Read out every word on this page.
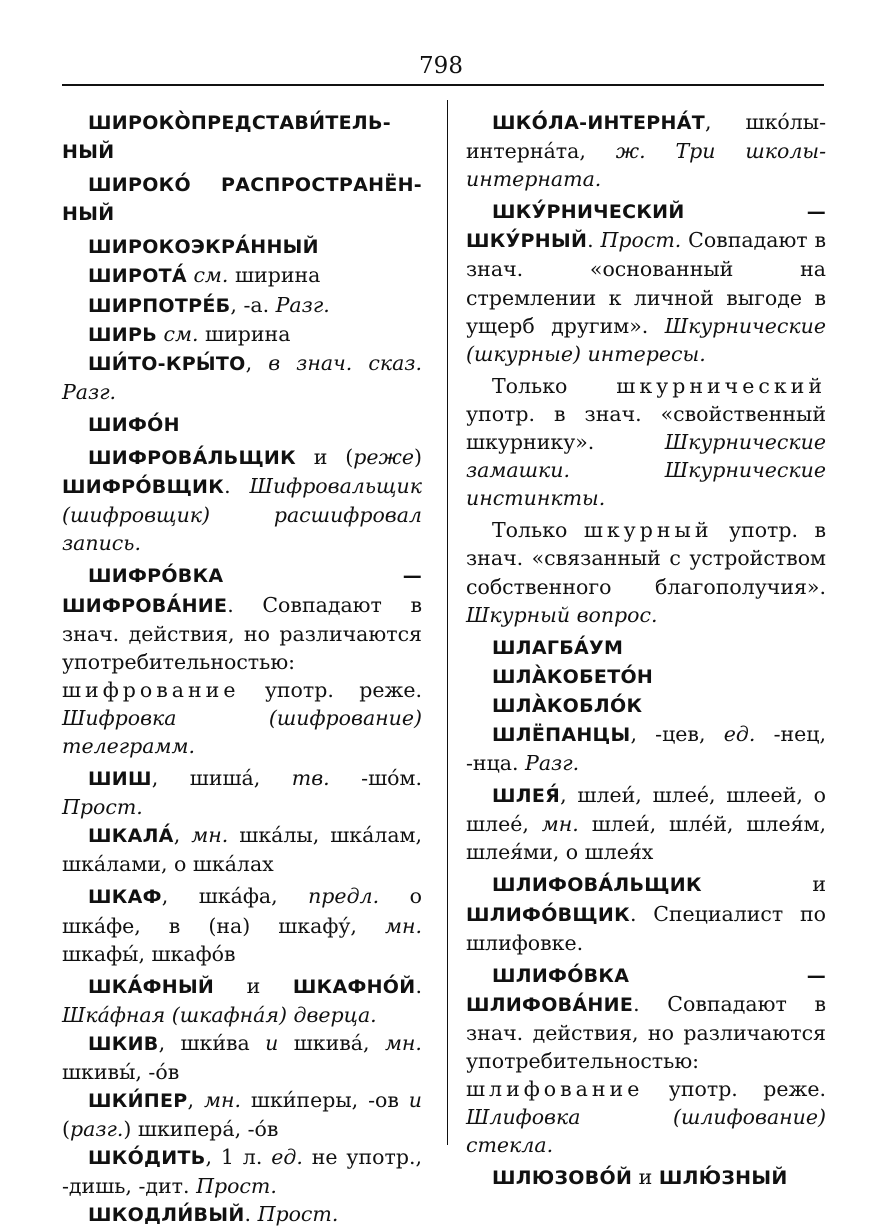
798

ШИРОКО̀ПРЕДСТАВИ́ТЕЛЬ-НЫЙ

ШИРОКО́ РАСПРОСТРАНЁН-НЫЙ

ШИРОКОЭКРА́ННЫЙ

ШИРОТА́ см. ширина

ШИРПОТРЕ́Б, -а. Разг.

ШИРЬ см. ширина

ШИ́ТО-КРЫ́ТО, в знач. сказ. Разг.

ШИФО́Н

ШИФРОВА́ЛЬЩИК и (реже) ШИФРО́ВЩИК. Шифровальщик (шифровщик) расшифровал запись.

ШИФРО́ВКА — ШИФРОВА́НИЕ. Совпадают в знач. действия, но различаются употребительностью: шифрование употр. реже. Шифровка (шифрование) телеграмм.

ШИШ, шиша́, тв. -шо́м. Прост.

ШКАЛА́, мн. шка́лы, шка́лам, шка́лами, о шка́лах

ШКАФ, шка́фа, предл. о шка́фе, в (на) шкафу́, мн. шкафы́, шкафо́в

ШКА́ФНЫЙ и ШКАФНО́Й. Шка́фная (шкафна́я) дверца.

ШКИВ, шки́ва и шкива́, мн. шкивы́, -о́в

ШКИ́ПЕР, мн. шки́перы, -ов и (разг.) шкипера́, -о́в

ШКО́ДИТЬ, 1 л. ед. не употр., -дишь, -дит. Прост.

ШКОДЛИ́ВЫЙ. Прост.

ШКО́ЛА-ИНТЕРНА́Т, шко́лы-интерна́та, ж. Три школы-интерната.

ШКУ́РНИЧЕСКИЙ — ШКУ́РНЫЙ. Прост. Совпадают в знач. «основанный на стремлении к личной выгоде в ущерб другим». Шкурнические (шкурные) интересы.

Только шкурнический употр. в знач. «свойственный шкурнику».	Шкурнические замашки. Шкурнические инстинкты.

Только шкурный употр. в знач. «связанный с устройством собственного благополучия». Шкурный вопрос.

ШЛАГБА́УМ

ШЛА̀КОБЕТО́Н

ШЛА̀КОБЛО́К

ШЛЁПАНЦЫ, -цев, ед. -нец, -нца. Разг.

ШЛЕЯ́, шлеи́, шлее́, шлеей, о шлее́, мн. шлеи́, шле́й, шлея́м, шлея́ми, о шлея́х

ШЛИФОВА́ЛЬЩИК	и ШЛИФО́ВЩИК. Специалист по шлифовке.

ШЛИФО́ВКА — ШЛИФОВА́НИЕ. Совпадают в знач. действия, но различаются употребительностью: шлифование употр. реже. Шлифовка (шлифование) стекла.

ШЛЮЗОВО́Й и ШЛЮ́ЗНЫЙ
